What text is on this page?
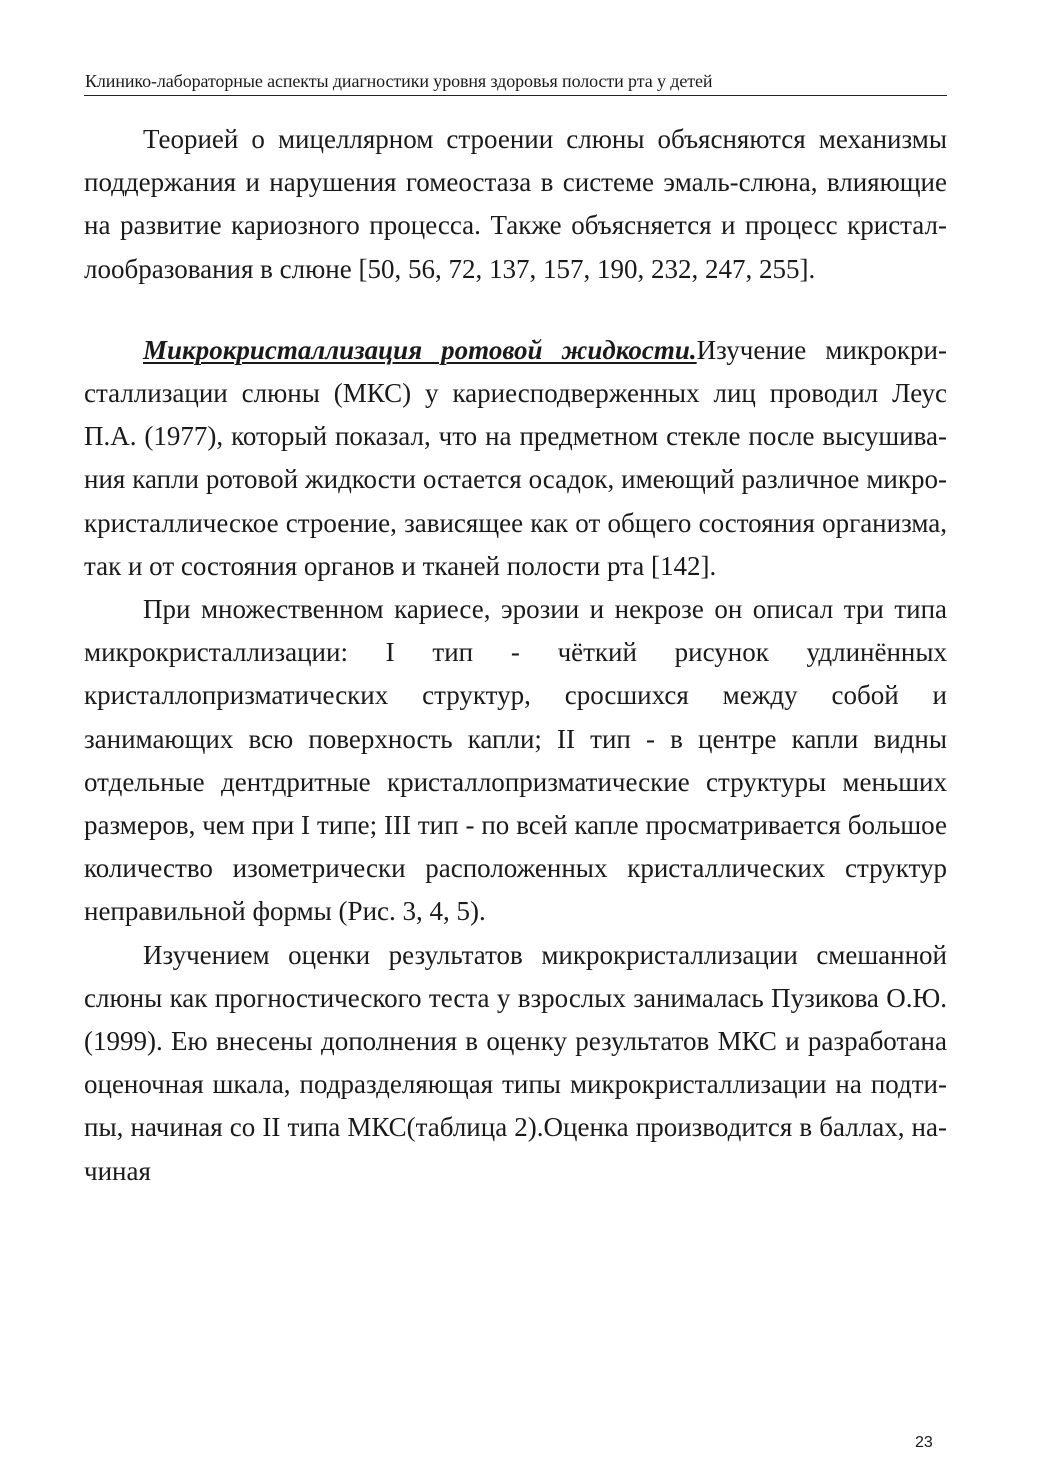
Клинико-лабораторные аспекты диагностики уровня здоровья полости рта у детей

Теорией о мицеллярном строении слюны объясняются механизмы поддержания и нарушения гомеостаза в системе эмаль-слюна, влияющие на развитие кариозного процесса. Также объясняется и процесс кристаллообразования в слюне [50, 56, 72, 137, 157, 190, 232, 247, 255].

Микрокристаллизация ротовой жидкости.Изучение микрокристаллизации слюны (МКС) у кариесподверженных лиц проводил Леус П.А. (1977), который показал, что на предметном стекле после высушивания капли ротовой жидкости остается осадок, имеющий различное микрокристаллическое строение, зависящее как от общего состояния организма, так и от состояния органов и тканей полости рта [142].

При множественном кариесе, эрозии и некрозе он описал три типа микрокристаллизации: I тип - чёткий рисунок удлинённых кристаллопризматических структур, сросшихся между собой и занимающих всю поверхность капли; II тип - в центре капли видны отдельные дентдритные кристаллопризматические структуры меньших размеров, чем при I типе; III тип - по всей капле просматривается большое количество изометрически расположенных кристаллических структур неправильной формы (Рис. 3, 4, 5).

Изучением оценки результатов микрокристаллизации смешанной слюны как прогностического теста у взрослых занималась Пузикова О.Ю. (1999). Ею внесены дополнения в оценку результатов МКС и разработана оценочная шкала, подразделяющая типы микрокристаллизации на подтипы, начиная со II типа МКС(таблица 2).Оценка производится в баллах, начиная

23
